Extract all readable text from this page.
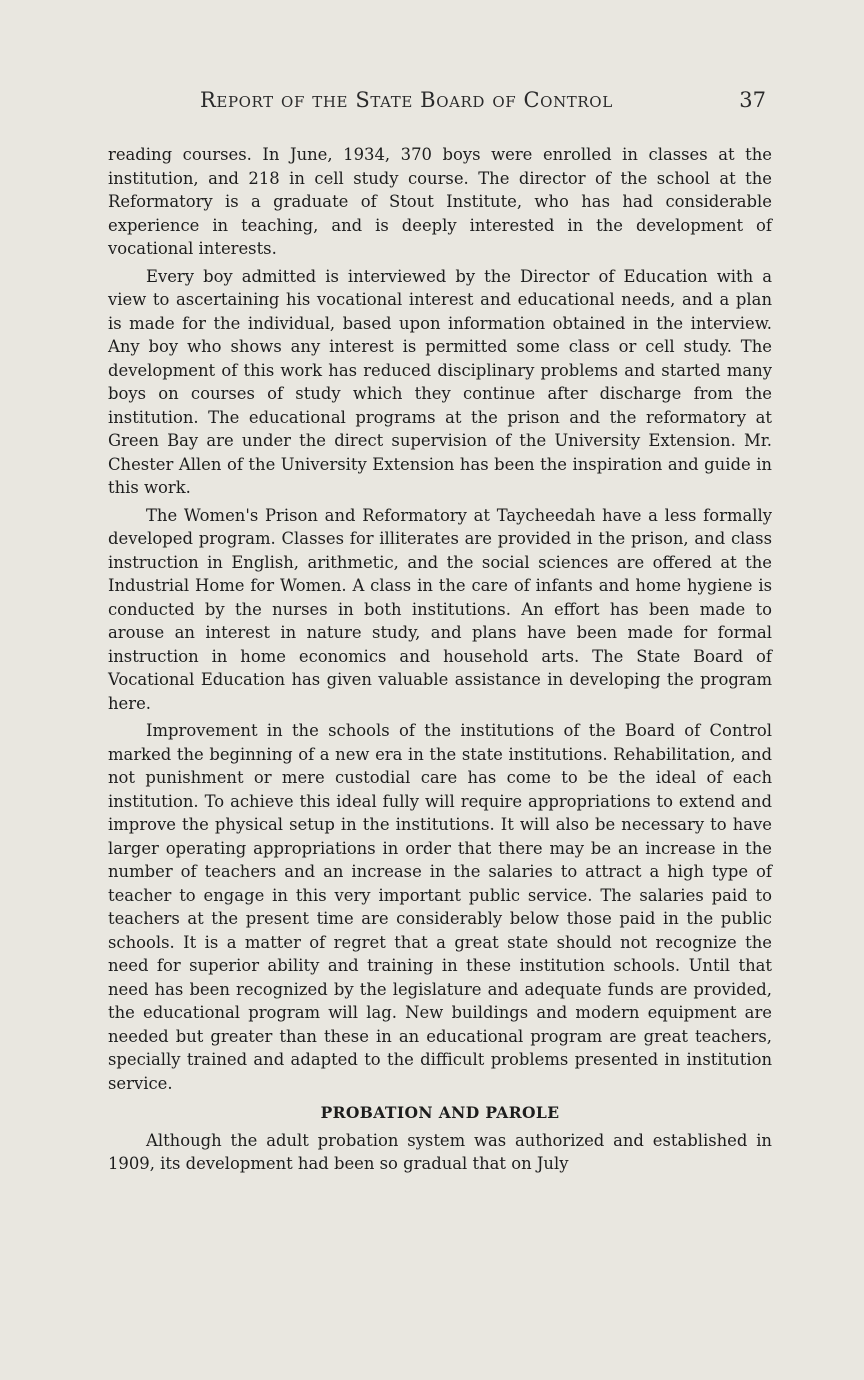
Report of the State Board of Control	37

reading courses. In June, 1934, 370 boys were enrolled in classes at the institution, and 218 in cell study course. The director of the school at the Reformatory is a graduate of Stout Institute, who has had considerable experience in teaching, and is deeply interested in the development of vocational interests.

Every boy admitted is interviewed by the Director of Education with a view to ascertaining his vocational interest and educational needs, and a plan is made for the individual, based upon information obtained in the interview. Any boy who shows any interest is permitted some class or cell study. The development of this work has reduced disciplinary problems and started many boys on courses of study which they continue after discharge from the institution. The educational programs at the prison and the reformatory at Green Bay are under the direct supervision of the University Extension. Mr. Chester Allen of the University Extension has been the inspiration and guide in this work.

The Women's Prison and Reformatory at Taycheedah have a less formally developed program. Classes for illiterates are provided in the prison, and class instruction in English, arithmetic, and the social sciences are offered at the Industrial Home for Women. A class in the care of infants and home hygiene is conducted by the nurses in both institutions. An effort has been made to arouse an interest in nature study, and plans have been made for formal instruction in home economics and household arts. The State Board of Vocational Education has given valuable assistance in developing the program here.

Improvement in the schools of the institutions of the Board of Control marked the beginning of a new era in the state institutions. Rehabilitation, and not punishment or mere custodial care has come to be the ideal of each institution. To achieve this ideal fully will require appropriations to extend and improve the physical setup in the institutions. It will also be necessary to have larger operating appropriations in order that there may be an increase in the number of teachers and an increase in the salaries to attract a high type of teacher to engage in this very important public service. The salaries paid to teachers at the present time are considerably below those paid in the public schools. It is a matter of regret that a great state should not recognize the need for superior ability and training in these institution schools. Until that need has been recognized by the legislature and adequate funds are provided, the educational program will lag. New buildings and modern equipment are needed but greater than these in an educational program are great teachers, specially trained and adapted to the difficult problems presented in institution service.

PROBATION AND PAROLE

Although the adult probation system was authorized and established in 1909, its development had been so gradual that on July
